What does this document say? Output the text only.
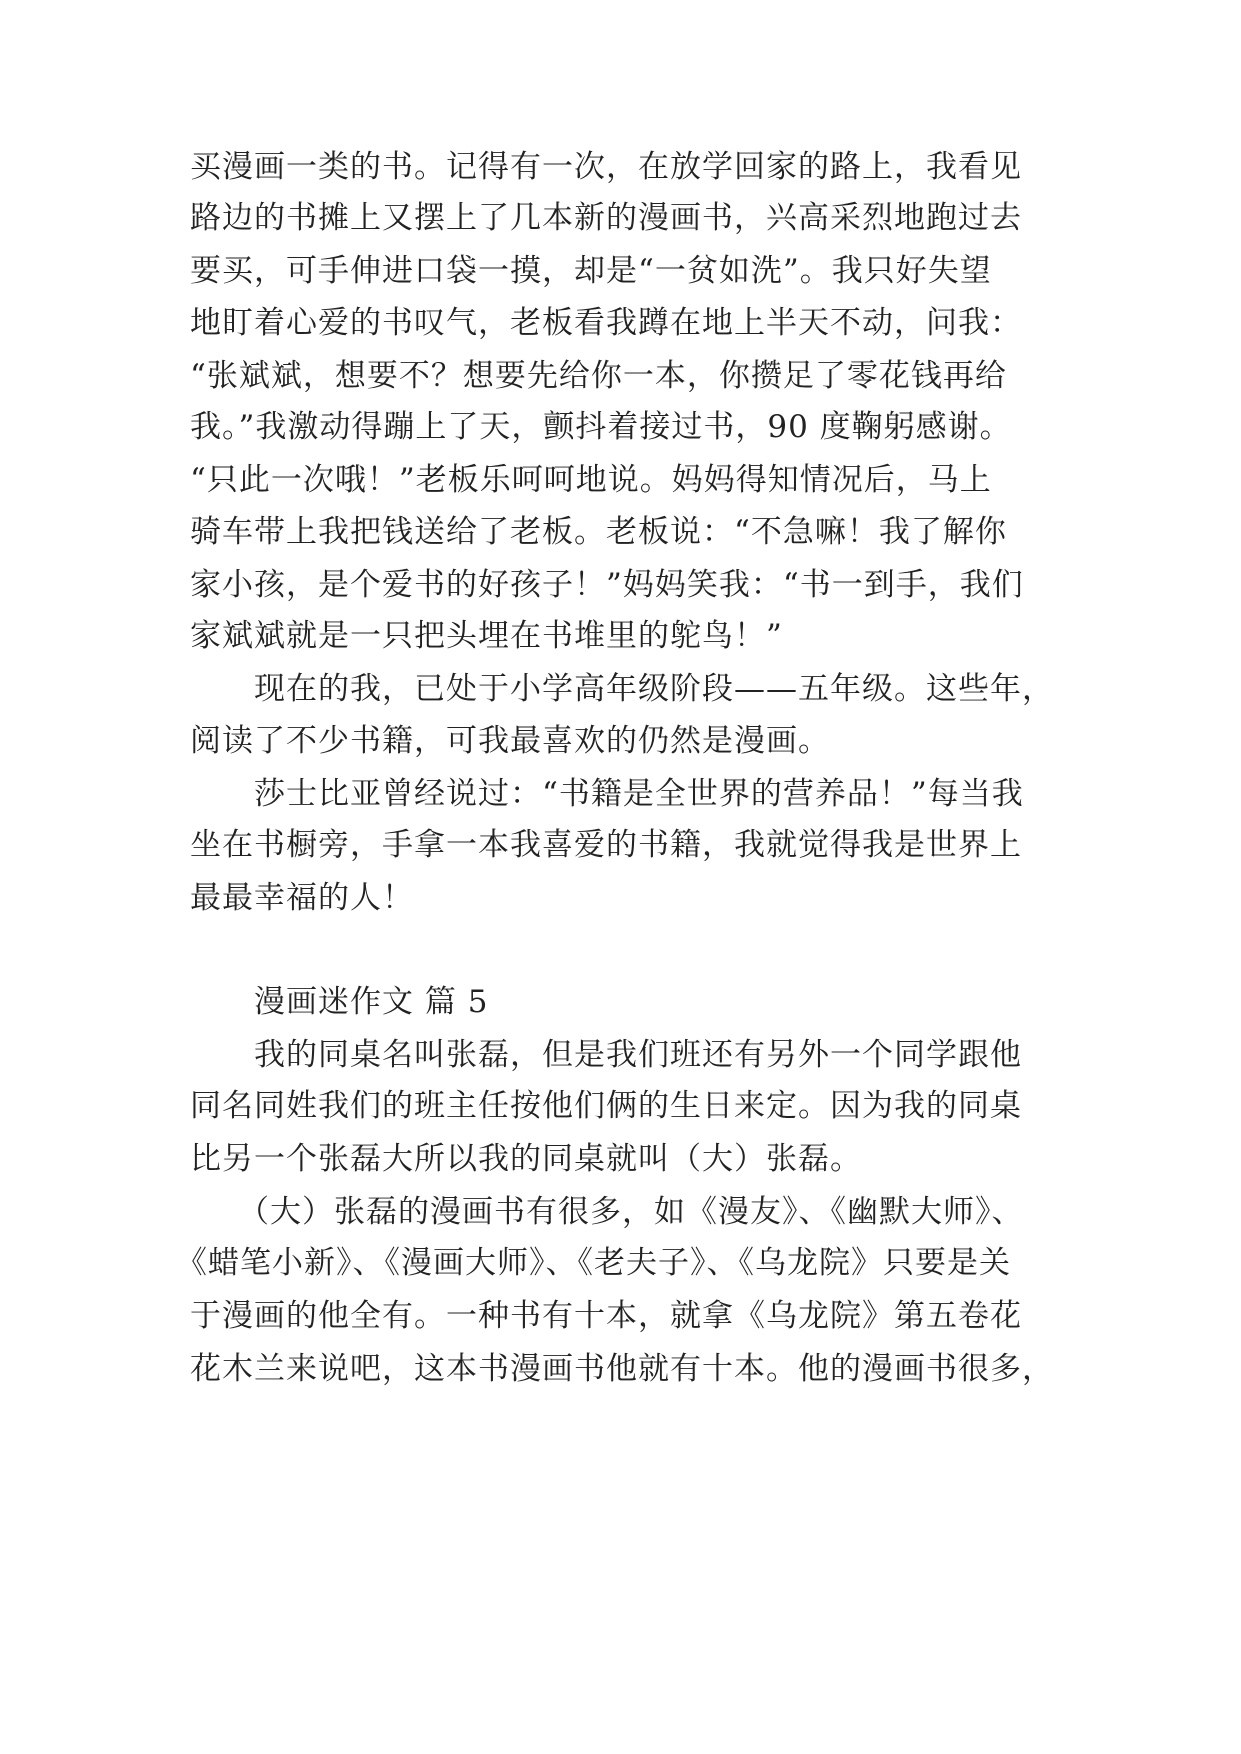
买漫画一类的书。记得有一次，在放学回家的路上，我看见
路边的书摊上又摆上了几本新的漫画书，兴高采烈地跑过去
要买，可手伸进口袋一摸，却是“一贫如洗”。我只好失望
地盯着心爱的书叹气，老板看我蹲在地上半天不动，问我：
“张斌斌，想要不？想要先给你一本，你攒足了零花钱再给
我。”我激动得蹦上了天，颤抖着接过书，90 度鞠躬感谢。
“只此一次哦！”老板乐呵呵地说。妈妈得知情况后，马上
骑车带上我把钱送给了老板。老板说：“不急嘛！我了解你
家小孩，是个爱书的好孩子！”妈妈笑我：“书一到手，我们
家斌斌就是一只把头埋在书堆里的鸵鸟！”
现在的我，已处于小学高年级阶段——五年级。这些年，
阅读了不少书籍，可我最喜欢的仍然是漫画。
莎士比亚曾经说过：“书籍是全世界的营养品！”每当我
坐在书橱旁，手拿一本我喜爱的书籍，我就觉得我是世界上
最最幸福的人！
漫画迷作文 篇 5
我的同桌名叫张磊，但是我们班还有另外一个同学跟他
同名同姓我们的班主任按他们俩的生日来定。因为我的同桌
比另一个张磊大所以我的同桌就叫（大）张磊。
（大）张磊的漫画书有很多，如《漫友》、《幽默大师》、
《蜡笔小新》、《漫画大师》、《老夫子》、《乌龙院》只要是关
于漫画的他全有。一种书有十本，就拿《乌龙院》第五卷花
花木兰来说吧，这本书漫画书他就有十本。他的漫画书很多，
